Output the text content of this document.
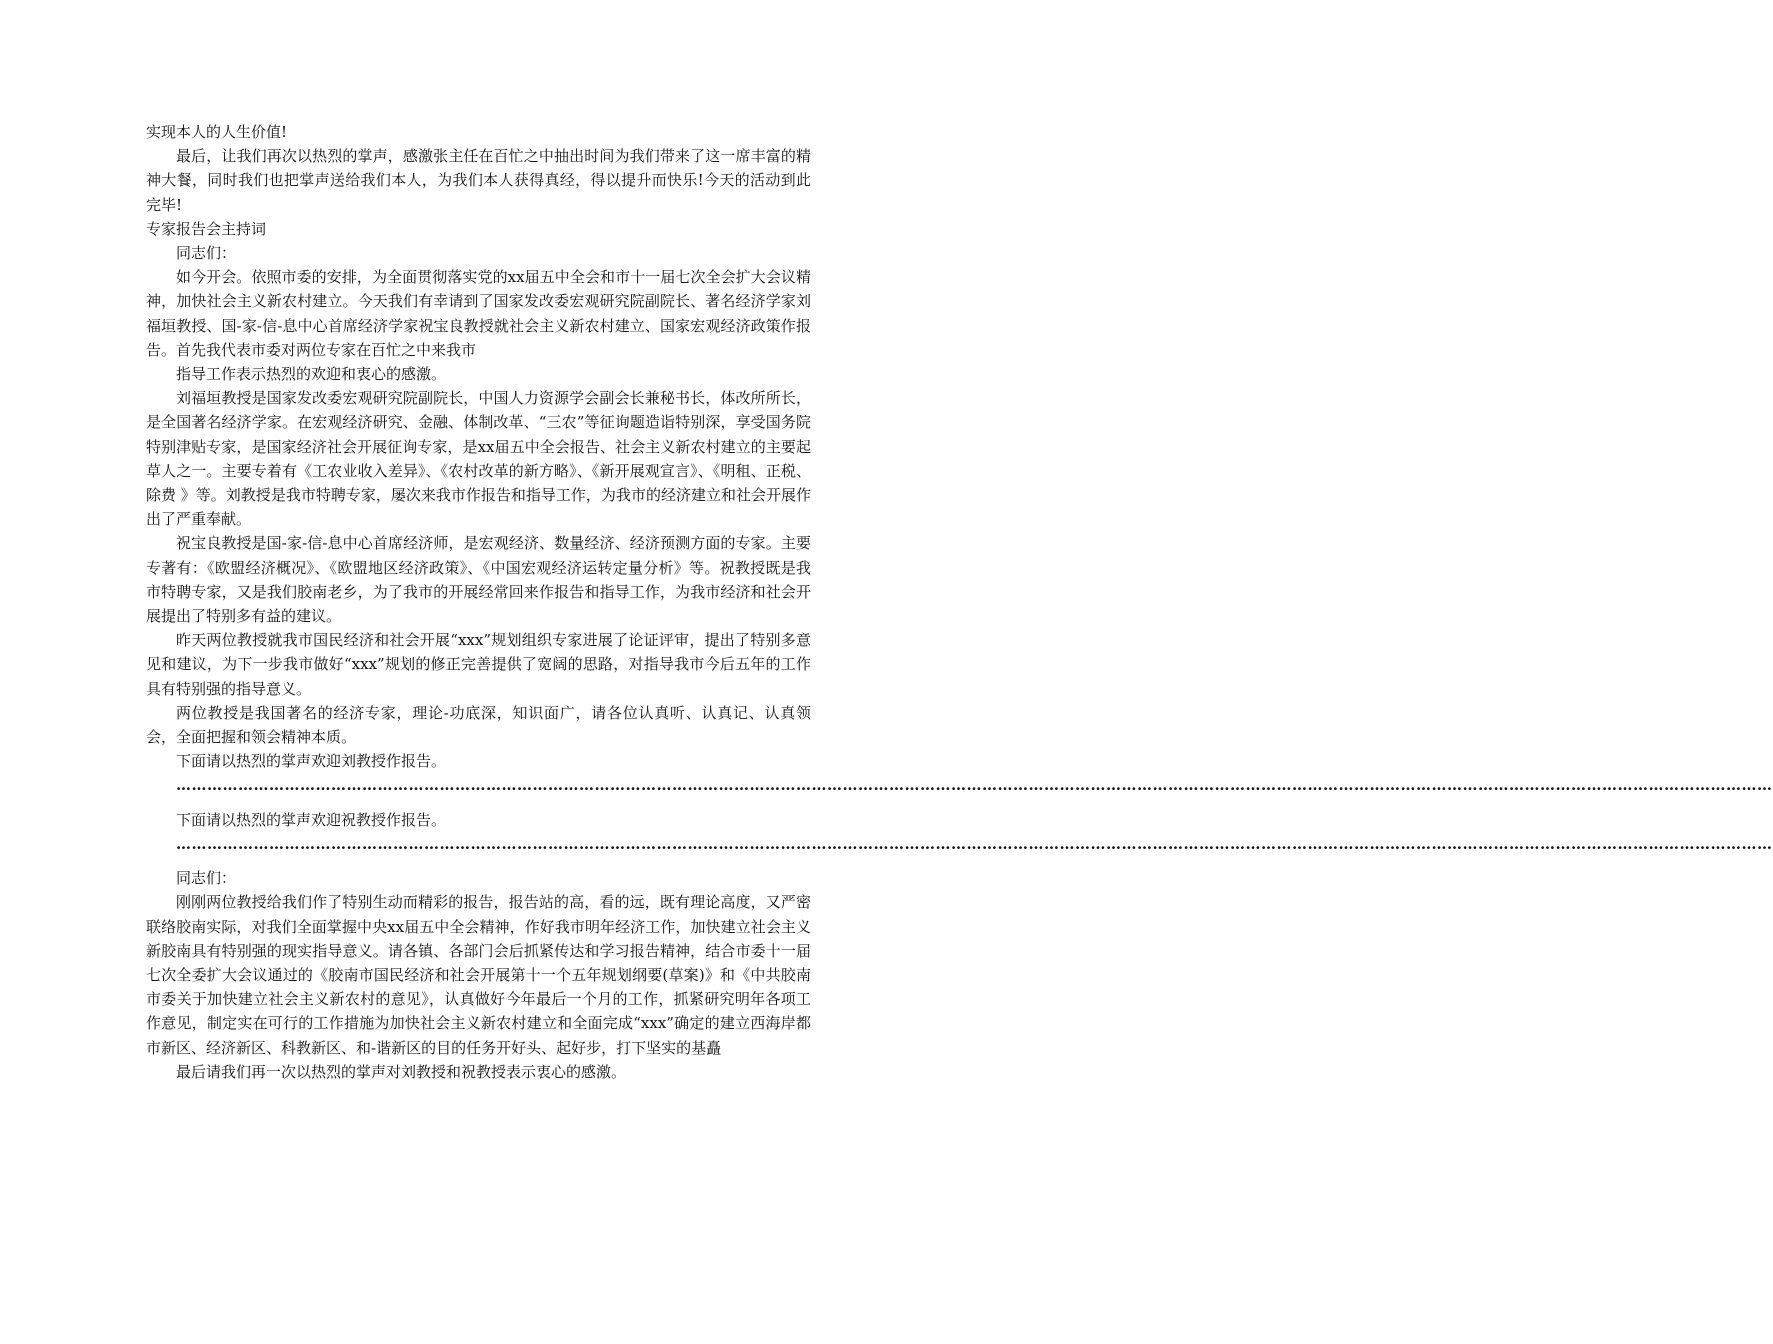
实现本人的人生价值!

最后，让我们再次以热烈的掌声，感激张主任在百忙之中抽出时间为我们带来了这一席丰富的精神大餐，同时我们也把掌声送给我们本人，为我们本人获得真经，得以提升而快乐!今天的活动到此完毕!

专家报告会主持词

同志们：

如今开会。依照市委的安排，为全面贯彻落实党的xx届五中全会和市十一届七次全会扩大会议精神，加快社会主义新农村建立。今天我们有幸请到了国家发改委宏观研究院副院长、著名经济学家刘福垣教授、国-家-信-息中心首席经济学家祝宝良教授就社会主义新农村建立、国家宏观经济政策作报告。首先我代表市委对两位专家在百忙之中来我市

指导工作表示热烈的欢迎和衷心的感激。

刘福垣教授是国家发改委宏观研究院副院长，中国人力资源学会副会长兼秘书长，体改所所长，是全国著名经济学家。在宏观经济研究、金融、体制改革、“三农”等征询题造诣特别深，享受国务院特别津贴专家，是国家经济社会开展征询专家，是xx届五中全会报告、社会主义新农村建立的主要起草人之一。主要专着有《工农业收入差异》、《农村改革的新方略》、《新开展观宣言》、《明租、正税、除费 》等。刘教授是我市特聘专家，屡次来我市作报告和指导工作，为我市的经济建立和社会开展作出了严重奉献。

祝宝良教授是国-家-信-息中心首席经济师，是宏观经济、数量经济、经济预测方面的专家。主要专著有：《欧盟经济概况》、《欧盟地区经济政策》、《中国宏观经济运转定量分析》等。祝教授既是我市特聘专家，又是我们胶南老乡，为了我市的开展经常回来作报告和指导工作，为我市经济和社会开展提出了特别多有益的建议。

昨天两位教授就我市国民经济和社会开展“xxx”规划组织专家进展了论证评审，提出了特别多意见和建议，为下一步我市做好“xxx”规划的修正完善提供了宽阔的思路，对指导我市今后五年的工作具有特别强的指导意义。

两位教授是我国著名的经济专家，理论-功底深，知识面广，请各位认真听、认真记、认真领会，全面把握和领会精神本质。

下面请以热烈的掌声欢迎刘教授作报告。

…………………………………………………………………………………………………………………………………………………………………………………………………………………………………………………………………………………

下面请以热烈的掌声欢迎祝教授作报告。

…………………………………………………………………………………………………………………………………………………………………………………………………………………………………………………………………………………

同志们：

刚刚两位教授给我们作了特别生动而精彩的报告，报告站的高，看的远，既有理论高度，又严密联络胶南实际，对我们全面掌握中央xx届五中全会精神，作好我市明年经济工作，加快建立社会主义新胶南具有特别强的现实指导意义。请各镇、各部门会后抓紧传达和学习报告精神，结合市委十一届七次全委扩大会议通过的《胶南市国民经济和社会开展第十一个五年规划纲要(草案)》和《中共胶南市委关于加快建立社会主义新农村的意见》，认真做好今年最后一个月的工作，抓紧研究明年各项工作意见，制定实在可行的工作措施为加快社会主义新农村建立和全面完成“xxx”确定的建立西海岸都市新区、经济新区、科教新区、和-谐新区的目的任务开好头、起好步，打下坚实的基矗

最后请我们再一次以热烈的掌声对刘教授和祝教授表示衷心的感激。
